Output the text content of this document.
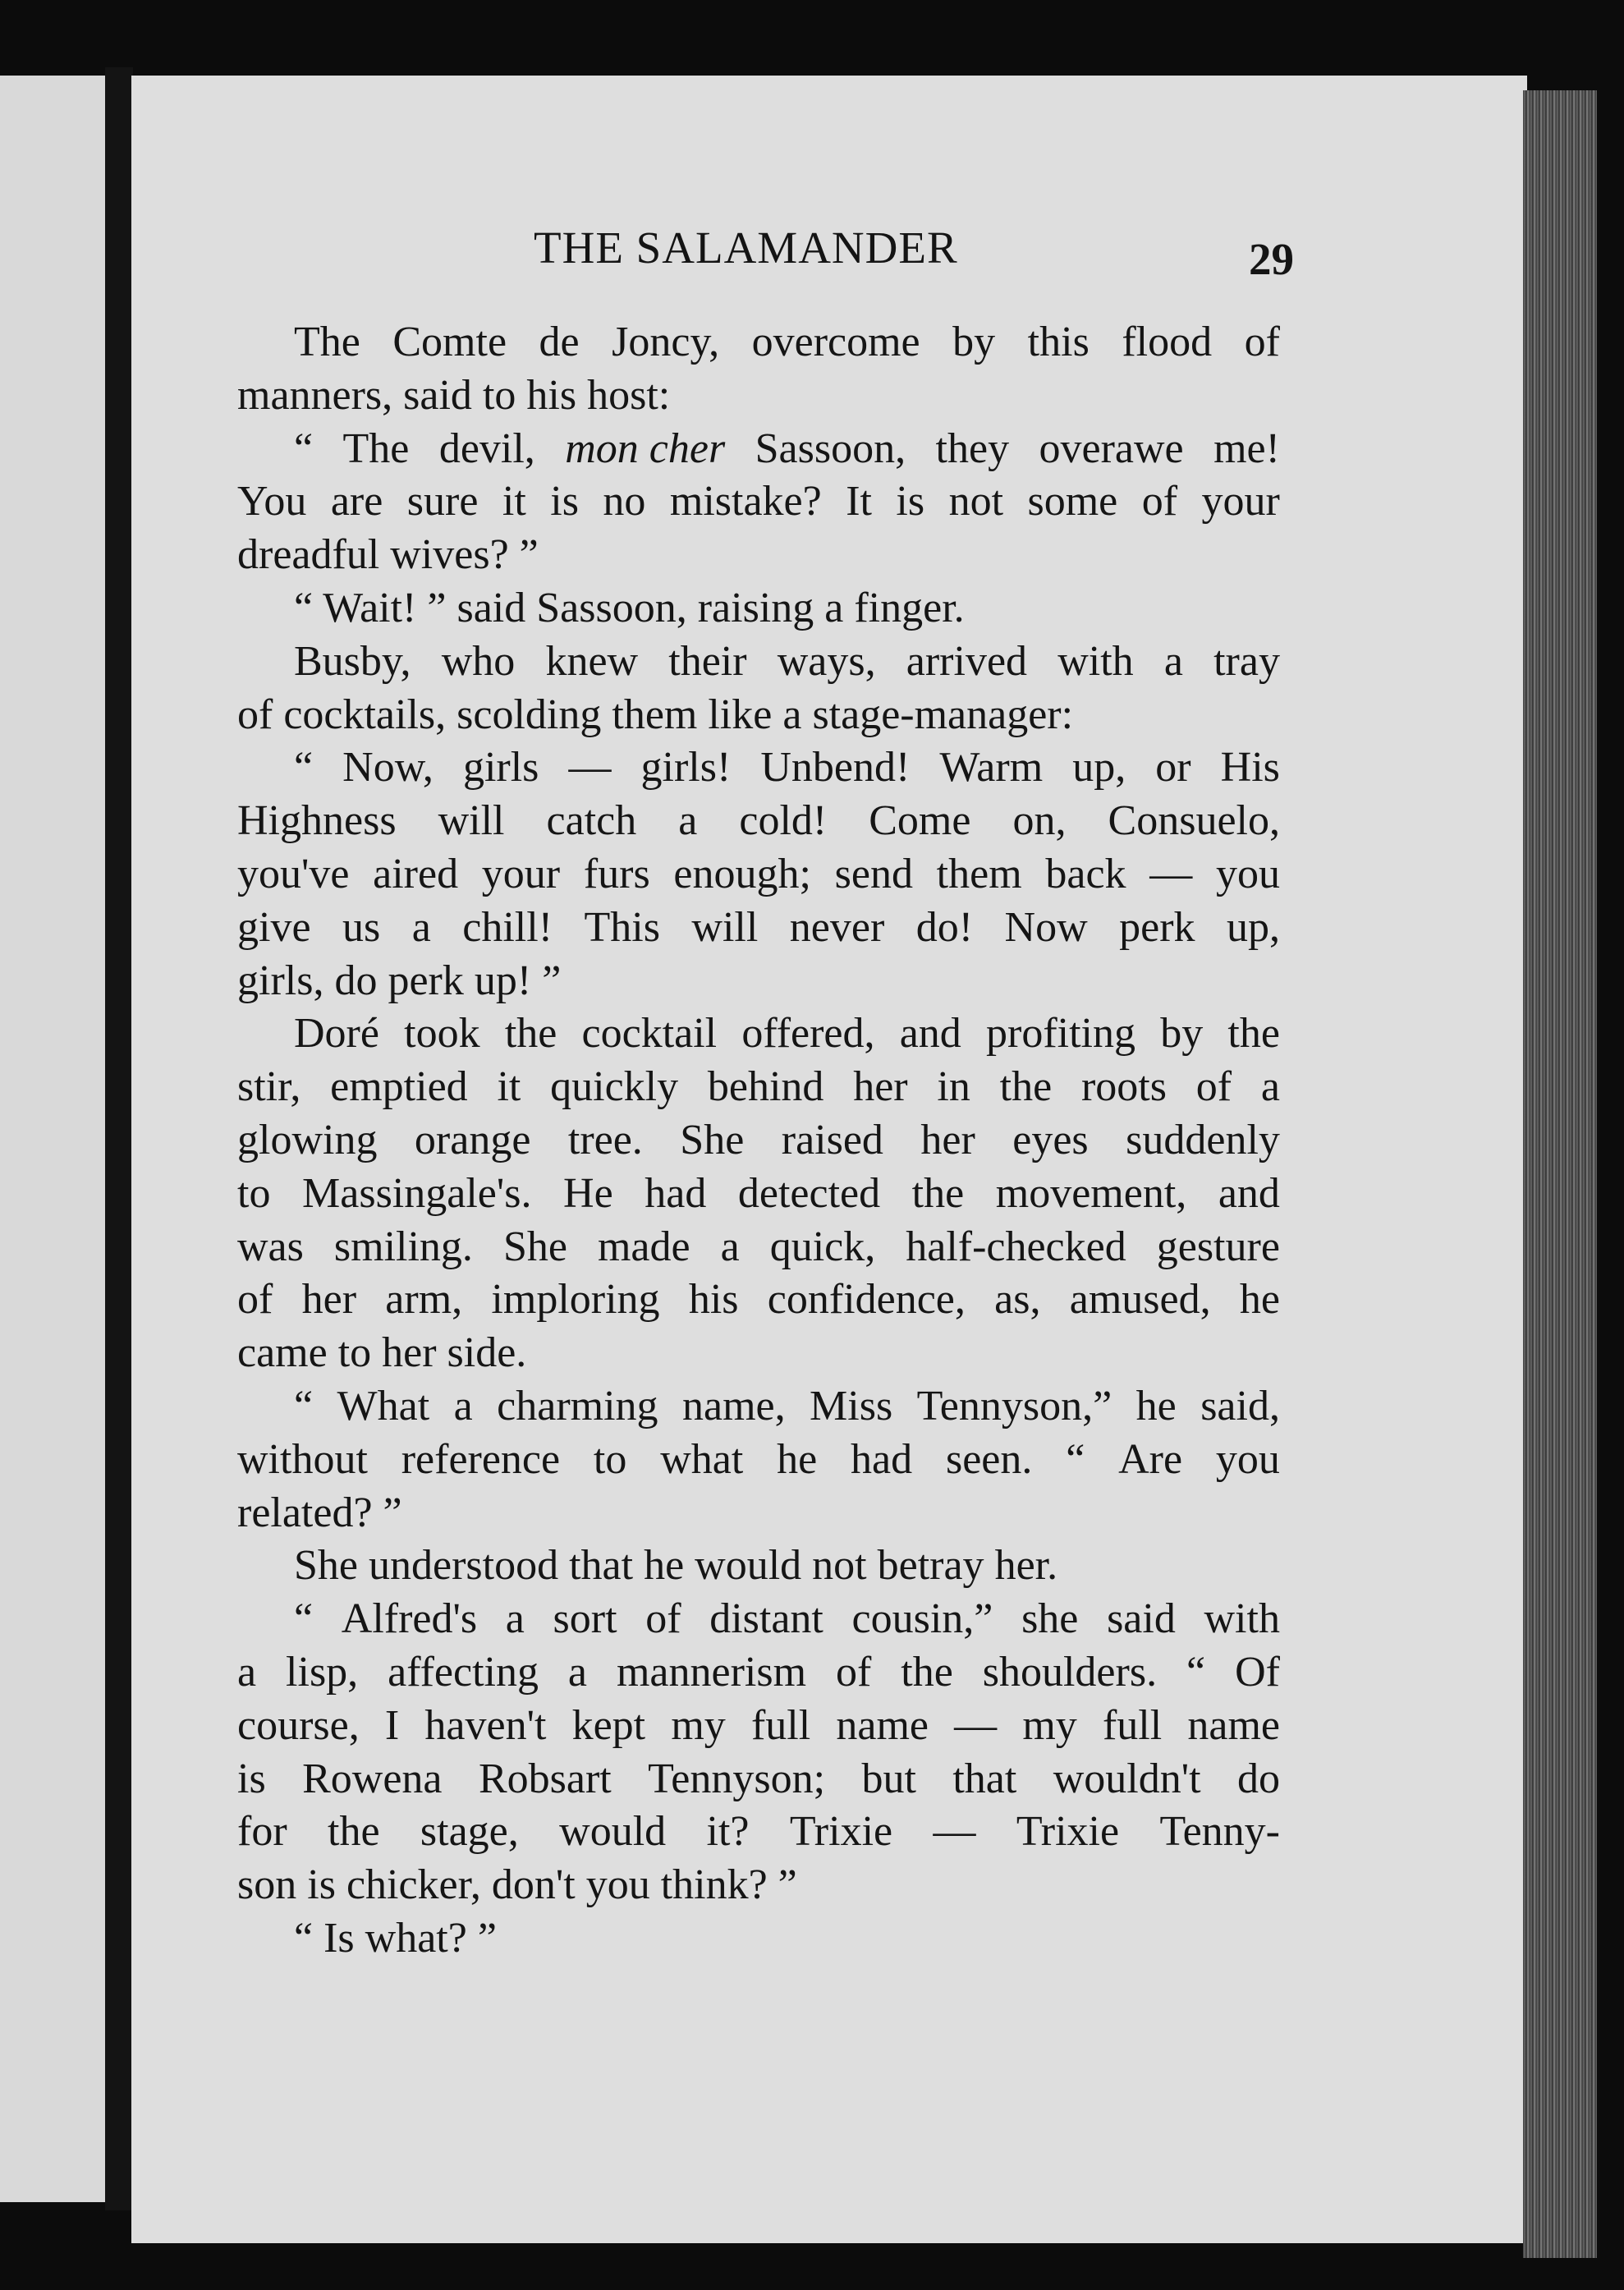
THE SALAMANDER	29
The Comte de Joncy, overcome by this flood of
manners, said to his host:
“ The devil, mon cher Sassoon, they overawe me!
You are sure it is no mistake? It is not some of your
dreadful wives? ”
“ Wait! ” said Sassoon, raising a finger.
Busby, who knew their ways, arrived with a tray
of cocktails, scolding them like a stage-manager:
“ Now, girls — girls! Unbend! Warm up, or His
Highness will catch a cold! Come on, Consuelo,
you've aired your furs enough; send them back — you
give us a chill! This will never do! Now perk up,
girls, do perk up! ”
Doré took the cocktail offered, and profiting by the
stir, emptied it quickly behind her in the roots of a
glowing orange tree. She raised her eyes suddenly
to Massingale's. He had detected the movement, and
was smiling. She made a quick, half-checked gesture
of her arm, imploring his confidence, as, amused, he
came to her side.
“ What a charming name, Miss Tennyson,” he said,
without reference to what he had seen. “ Are you
related? ”
She understood that he would not betray her.
“ Alfred's a sort of distant cousin,” she said with
a lisp, affecting a mannerism of the shoulders. “ Of
course, I haven't kept my full name — my full name
is Rowena Robsart Tennyson; but that wouldn't do
for the stage, would it? Trixie — Trixie Tenny-
son is chicker, don't you think? ”
“ Is what? ”
